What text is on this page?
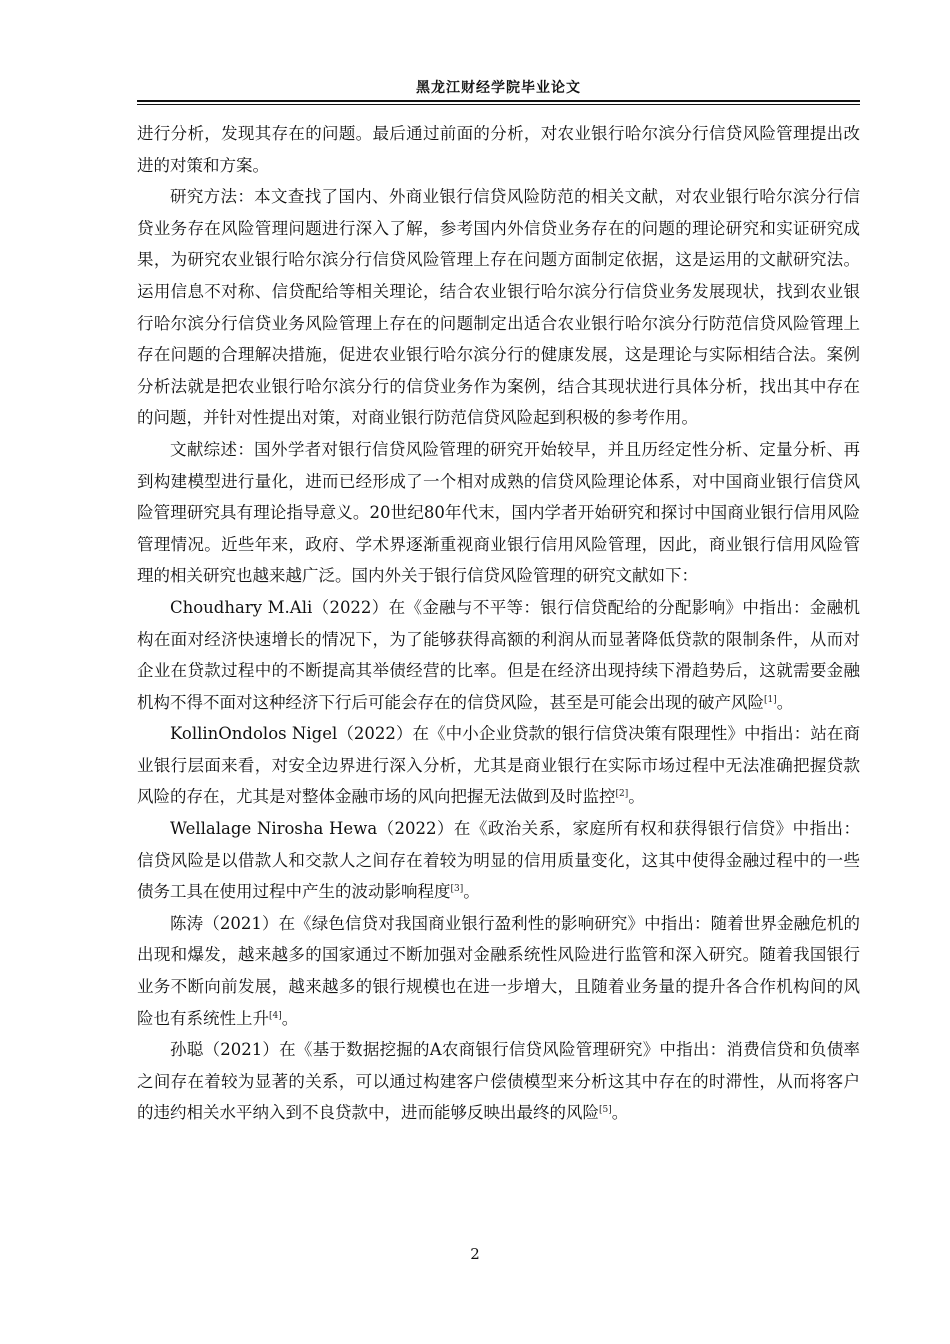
黑龙江财经学院毕业论文

进行分析，发现其存在的问题。最后通过前面的分析，对农业银行哈尔滨分行信贷风险管理提出改进的对策和方案。

研究方法：本文查找了国内、外商业银行信贷风险防范的相关文献，对农业银行哈尔滨分行信贷业务存在风险管理问题进行深入了解，参考国内外信贷业务存在的问题的理论研究和实证研究成果，为研究农业银行哈尔滨分行信贷风险管理上存在问题方面制定依据，这是运用的文献研究法。运用信息不对称、信贷配给等相关理论，结合农业银行哈尔滨分行信贷业务发展现状，找到农业银行哈尔滨分行信贷业务风险管理上存在的问题制定出适合农业银行哈尔滨分行防范信贷风险管理上存在问题的合理解决措施，促进农业银行哈尔滨分行的健康发展，这是理论与实际相结合法。案例分析法就是把农业银行哈尔滨分行的信贷业务作为案例，结合其现状进行具体分析，找出其中存在的问题，并针对性提出对策，对商业银行防范信贷风险起到积极的参考作用。

文献综述：国外学者对银行信贷风险管理的研究开始较早，并且历经定性分析、定量分析、再到构建模型进行量化，进而已经形成了一个相对成熟的信贷风险理论体系，对中国商业银行信贷风险管理研究具有理论指导意义。20世纪80年代末，国内学者开始研究和探讨中国商业银行信用风险管理情况。近些年来，政府、学术界逐渐重视商业银行信用风险管理，因此，商业银行信用风险管理的相关研究也越来越广泛。国内外关于银行信贷风险管理的研究文献如下：

Choudhary M.Ali（2022）在《金融与不平等：银行信贷配给的分配影响》中指出：金融机构在面对经济快速增长的情况下，为了能够获得高额的利润从而显著降低贷款的限制条件，从而对企业在贷款过程中的不断提高其举债经营的比率。但是在经济出现持续下滑趋势后，这就需要金融机构不得不面对这种经济下行后可能会存在的信贷风险，甚至是可能会出现的破产风险[1]。

KollinOndolos Nigel（2022）在《中小企业贷款的银行信贷决策有限理性》中指出：站在商业银行层面来看，对安全边界进行深入分析，尤其是商业银行在实际市场过程中无法准确把握贷款风险的存在，尤其是对整体金融市场的风向把握无法做到及时监控[2]。

Wellalage Nirosha Hewa（2022）在《政治关系，家庭所有权和获得银行信贷》中指出：信贷风险是以借款人和交款人之间存在着较为明显的信用质量变化，这其中使得金融过程中的一些债务工具在使用过程中产生的波动影响程度[3]。

陈涛（2021）在《绿色信贷对我国商业银行盈利性的影响研究》中指出：随着世界金融危机的出现和爆发，越来越多的国家通过不断加强对金融系统性风险进行监管和深入研究。随着我国银行业务不断向前发展，越来越多的银行规模也在进一步增大，且随着业务量的提升各合作机构间的风险也有系统性上升[4]。

孙聪（2021）在《基于数据挖掘的A农商银行信贷风险管理研究》中指出：消费信贷和负债率之间存在着较为显著的关系，可以通过构建客户偿债模型来分析这其中存在的时滞性，从而将客户的违约相关水平纳入到不良贷款中，进而能够反映出最终的风险[5]。

2
